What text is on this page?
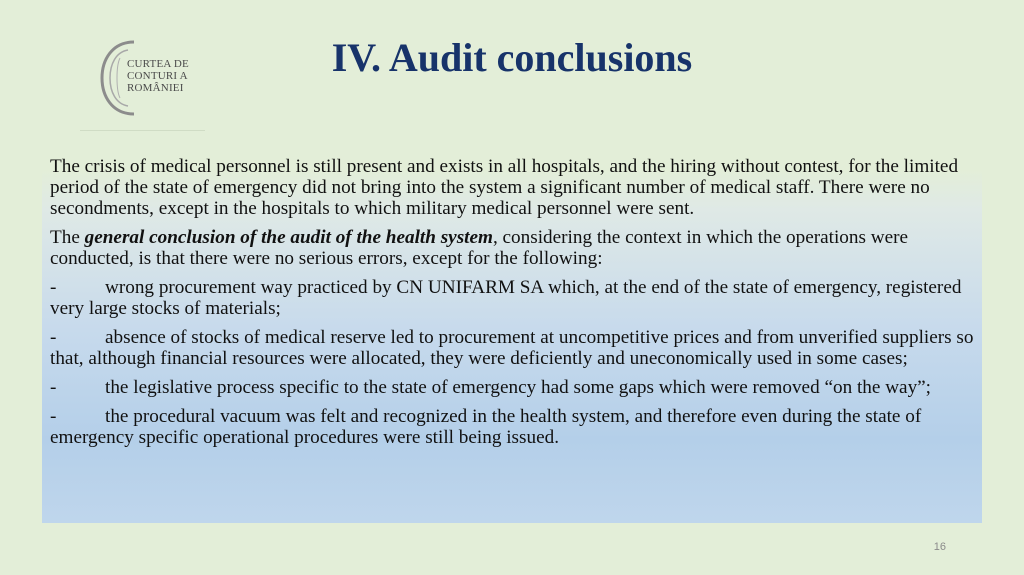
CURTEA DE
CONTURI A
ROMÂNIEI
IV. Audit conclusions

The crisis of medical personnel is still present and exists in all hospitals, and the hiring without contest, for the limited period of the state of emergency did not bring into the system a significant number of medical staff. There were no secondments, except in the hospitals to which military medical personnel were sent.

The general conclusion of the audit of the health system, considering the context in which the operations were conducted, is that there were no serious errors, except for the following:

-	wrong procurement way practiced by CN UNIFARM SA which, at the end of the state of emergency, registered very large stocks of materials;

-	absence of stocks of medical reserve led to procurement at uncompetitive prices and from unverified suppliers so that, although financial resources were allocated, they were deficiently and uneconomically used in some cases;

-	the legislative process specific to the state of emergency had some gaps which were removed “on the way”;

-	the procedural vacuum was felt and recognized in the health system, and therefore even during the state of emergency specific operational procedures were still being issued.

16
